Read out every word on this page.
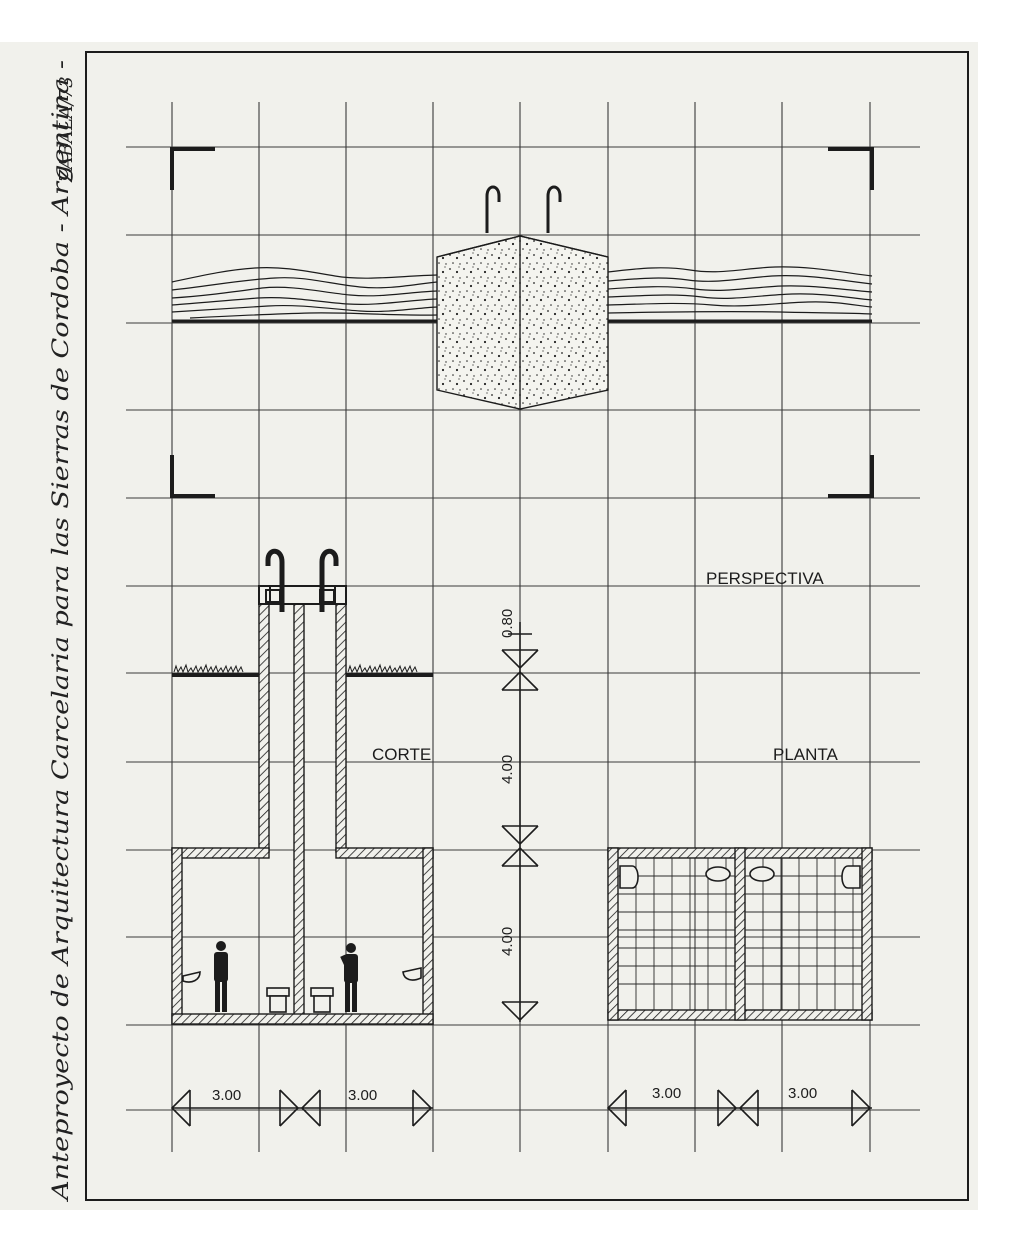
PERSPECTIVA
CORTE	PLANTA
0.80
4.00
4.00
3.00	3.00	3.00	3.00
Anteproyecto de Arquitectura Carcelaria para las Sierras de Cordoba - Argentina -
ZABALA/73
